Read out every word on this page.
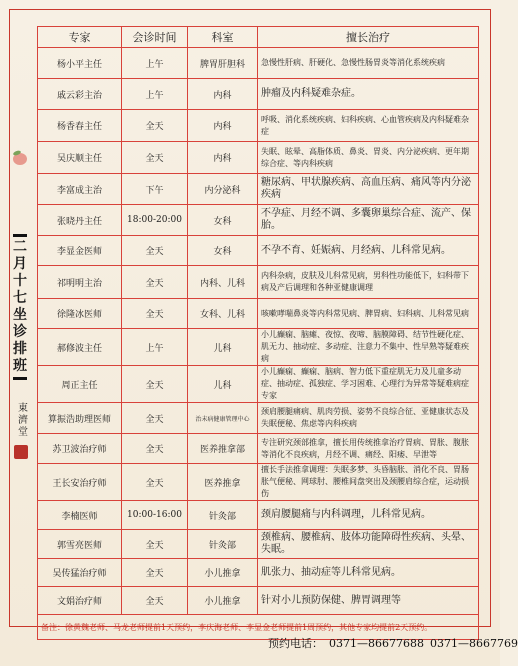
二
月
十
七
坐
诊
排
班
東
濟
堂
专家	会诊时间	科室	擅长治疗
杨小平主任	上午	脾胃肝胆科	急慢性肝病、肝硬化、急慢性肠胃炎等消化系统疾病
戚云彩主治	上午	内科	肿瘤及内科疑难杂症。
杨香春主任	全天	内科	呼吸、消化系统疾病、妇科疾病、心血管疾病及内科疑难杂症
吴庆顺主任	全天	内科	失眠、眩晕、高脂体质、鼻炎、胃炎、内分泌疾病、更年期综合症、等内科疾病
李富成主治	下午	内分泌科	糖尿病、甲状腺疾病、高血压病、痛风等内分泌疾病
张晓丹主任	18:00-20:00	女科	不孕症、月经不调、多囊卵巢综合症、流产、保胎。
李显金医师	全天	女科	不孕不育、妊娠病、月经病、儿科常见病。
祁明明主治	全天	内科、儿科	内科杂病，皮肤及儿科常见病，男科性功能低下，妇科带下病及产后调理和各种亚健康调理
徐隆冰医师	全天	女科、儿科	咳嗽哮喘鼻炎等内科常见病、脾胃病、妇科病、儿科常见病
郝修波主任	上午	儿科	小儿癫痫、脑瘫、夜惊、夜啼、脑膜障碍、结节性硬化症、肌无力、抽动症、多动症、注意力不集中、性早熟等疑难疾病
周正主任	全天	儿科	小儿癫痫、癫痫、脑病、智力低下重症肌无力及儿童多动症、抽动症、孤独症、学习困难、心理行为异常等疑难病症专家
算振浩助理医师	全天	治未病健康管理中心	颈肩腰腿痛病、肌肉劳损、姿势不良综合征、亚健康状态及失眠便秘、焦虑等内科疾病
苏卫波治疗师	全天	医养推拿部	专注研究颈部推拿，擅长用传统推拿治疗胃病、胃胀、腹胀等消化不良疾病，月经不调、痛经、阳痿、早泄等
王长安治疗师	全天	医养推拿	擅长手法推拿调理：失眠多梦、头昏脑胀、消化不良、胃肠胀气便秘、网球肘、腰椎间盘突出及颈腰肩综合症，运动损伤
李楠医师	10:00-16:00	针灸部	颈肩腰腿痛与内科调理，儿科常见病。
郭雪亮医师	全天	针灸部	颈椎病、腰椎病、肢体功能障碍性疾病、头晕、失眠。
吴传猛治疗师	全天	小儿推拿	肌张力、抽动症等儿科常见病。
文娟治疗师	全天	小儿推拿	针对小儿预防保健、脾胃调理等
备注：徐黄魏老师、马龙老师提前1天预约，李庆海老师、李显金老师提前1周预约，其他专家均提前2天预约。			
预约电话： 0371—86677688 0371—8667769
